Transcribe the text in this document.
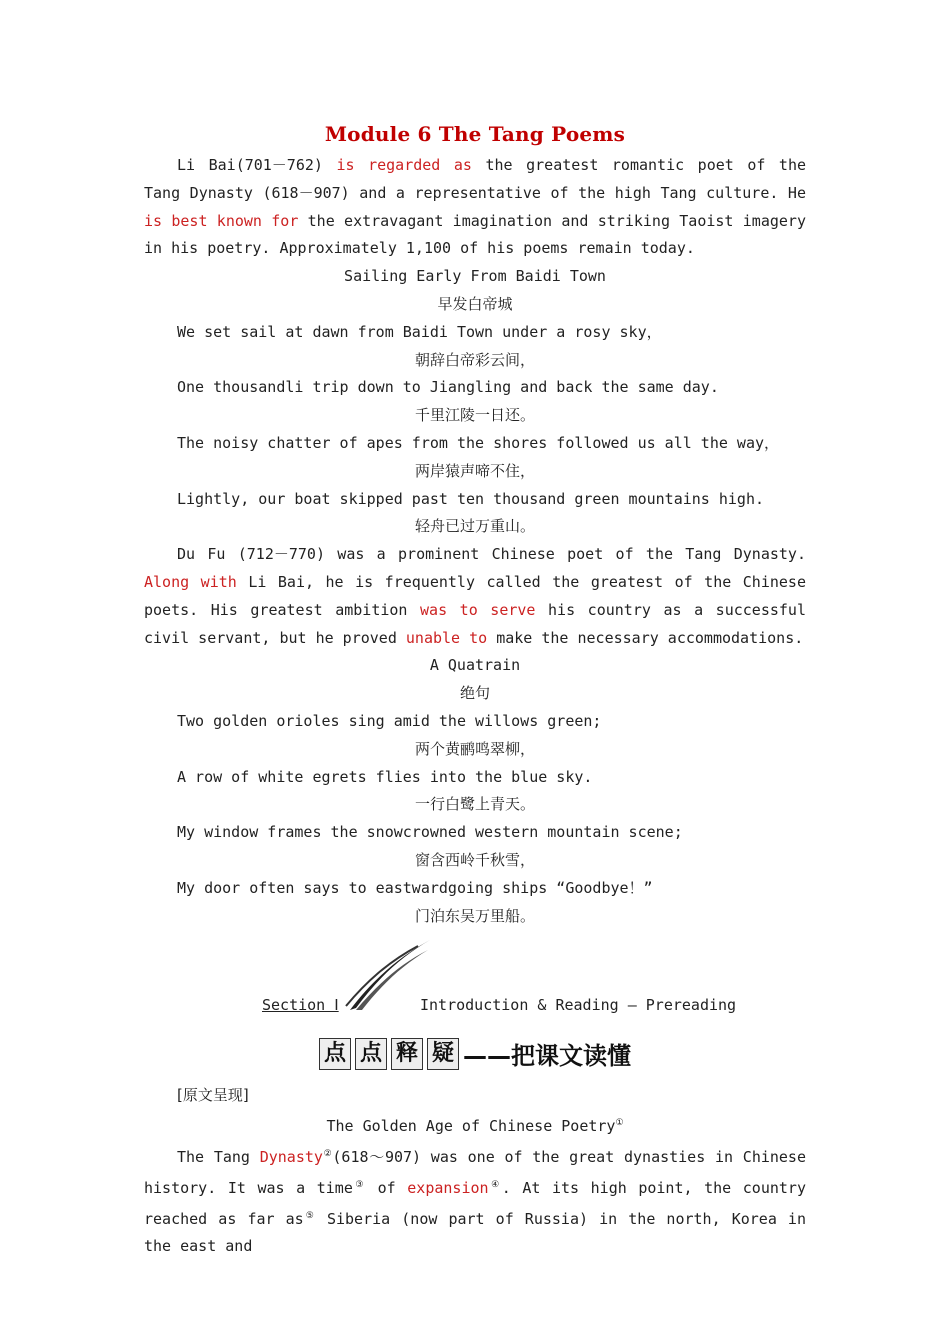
Module 6 The Tang Poems

Li Bai(701－762) is regarded as the greatest romantic poet of the Tang Dynasty (618－907) and a representative of the high Tang culture. He is best known for the extravagant imagination and striking Taoist imagery in his poetry. Approximately 1,100 of his poems remain today.

Sailing Early From Baidi Town
早发白帝城
We set sail at dawn from Baidi Town under a rosy sky，
朝辞白帝彩云间，
One thousandli trip down to Jiangling and back the same day.
千里江陵一日还。
The noisy chatter of apes from the shores followed us all the way，
两岸猿声啼不住，
Lightly, our boat skipped past ten thousand green mountains high.
轻舟已过万重山。

Du Fu (712－770) was a prominent Chinese poet of the Tang Dynasty. Along with Li Bai, he is frequently called the greatest of the Chinese poets. His greatest ambition was to serve his country as a successful civil servant, but he proved unable to make the necessary accommodations.

A Quatrain
绝句
Two golden orioles sing amid the willows green;
两个黄鹂鸣翠柳，
A row of white egrets flies into the blue sky.
一行白鹭上青天。
My window frames the snowcrowned western mountain scene;
窗含西岭千秋雪，
My door often says to eastwardgoing ships “Goodbye！”
门泊东吴万里船。
Section Ⅰ	Introduction & Reading — Prereading
点 点 释 疑 ——把课文读懂
[原文呈现]
The Golden Age of Chinese Poetry①

The Tang Dynasty②(618～907) was one of the great dynasties in Chinese history. It was a time③ of expansion④. At its high point, the country reached as far as⑤ Siberia (now part of Russia) in the north, Korea in the east and
